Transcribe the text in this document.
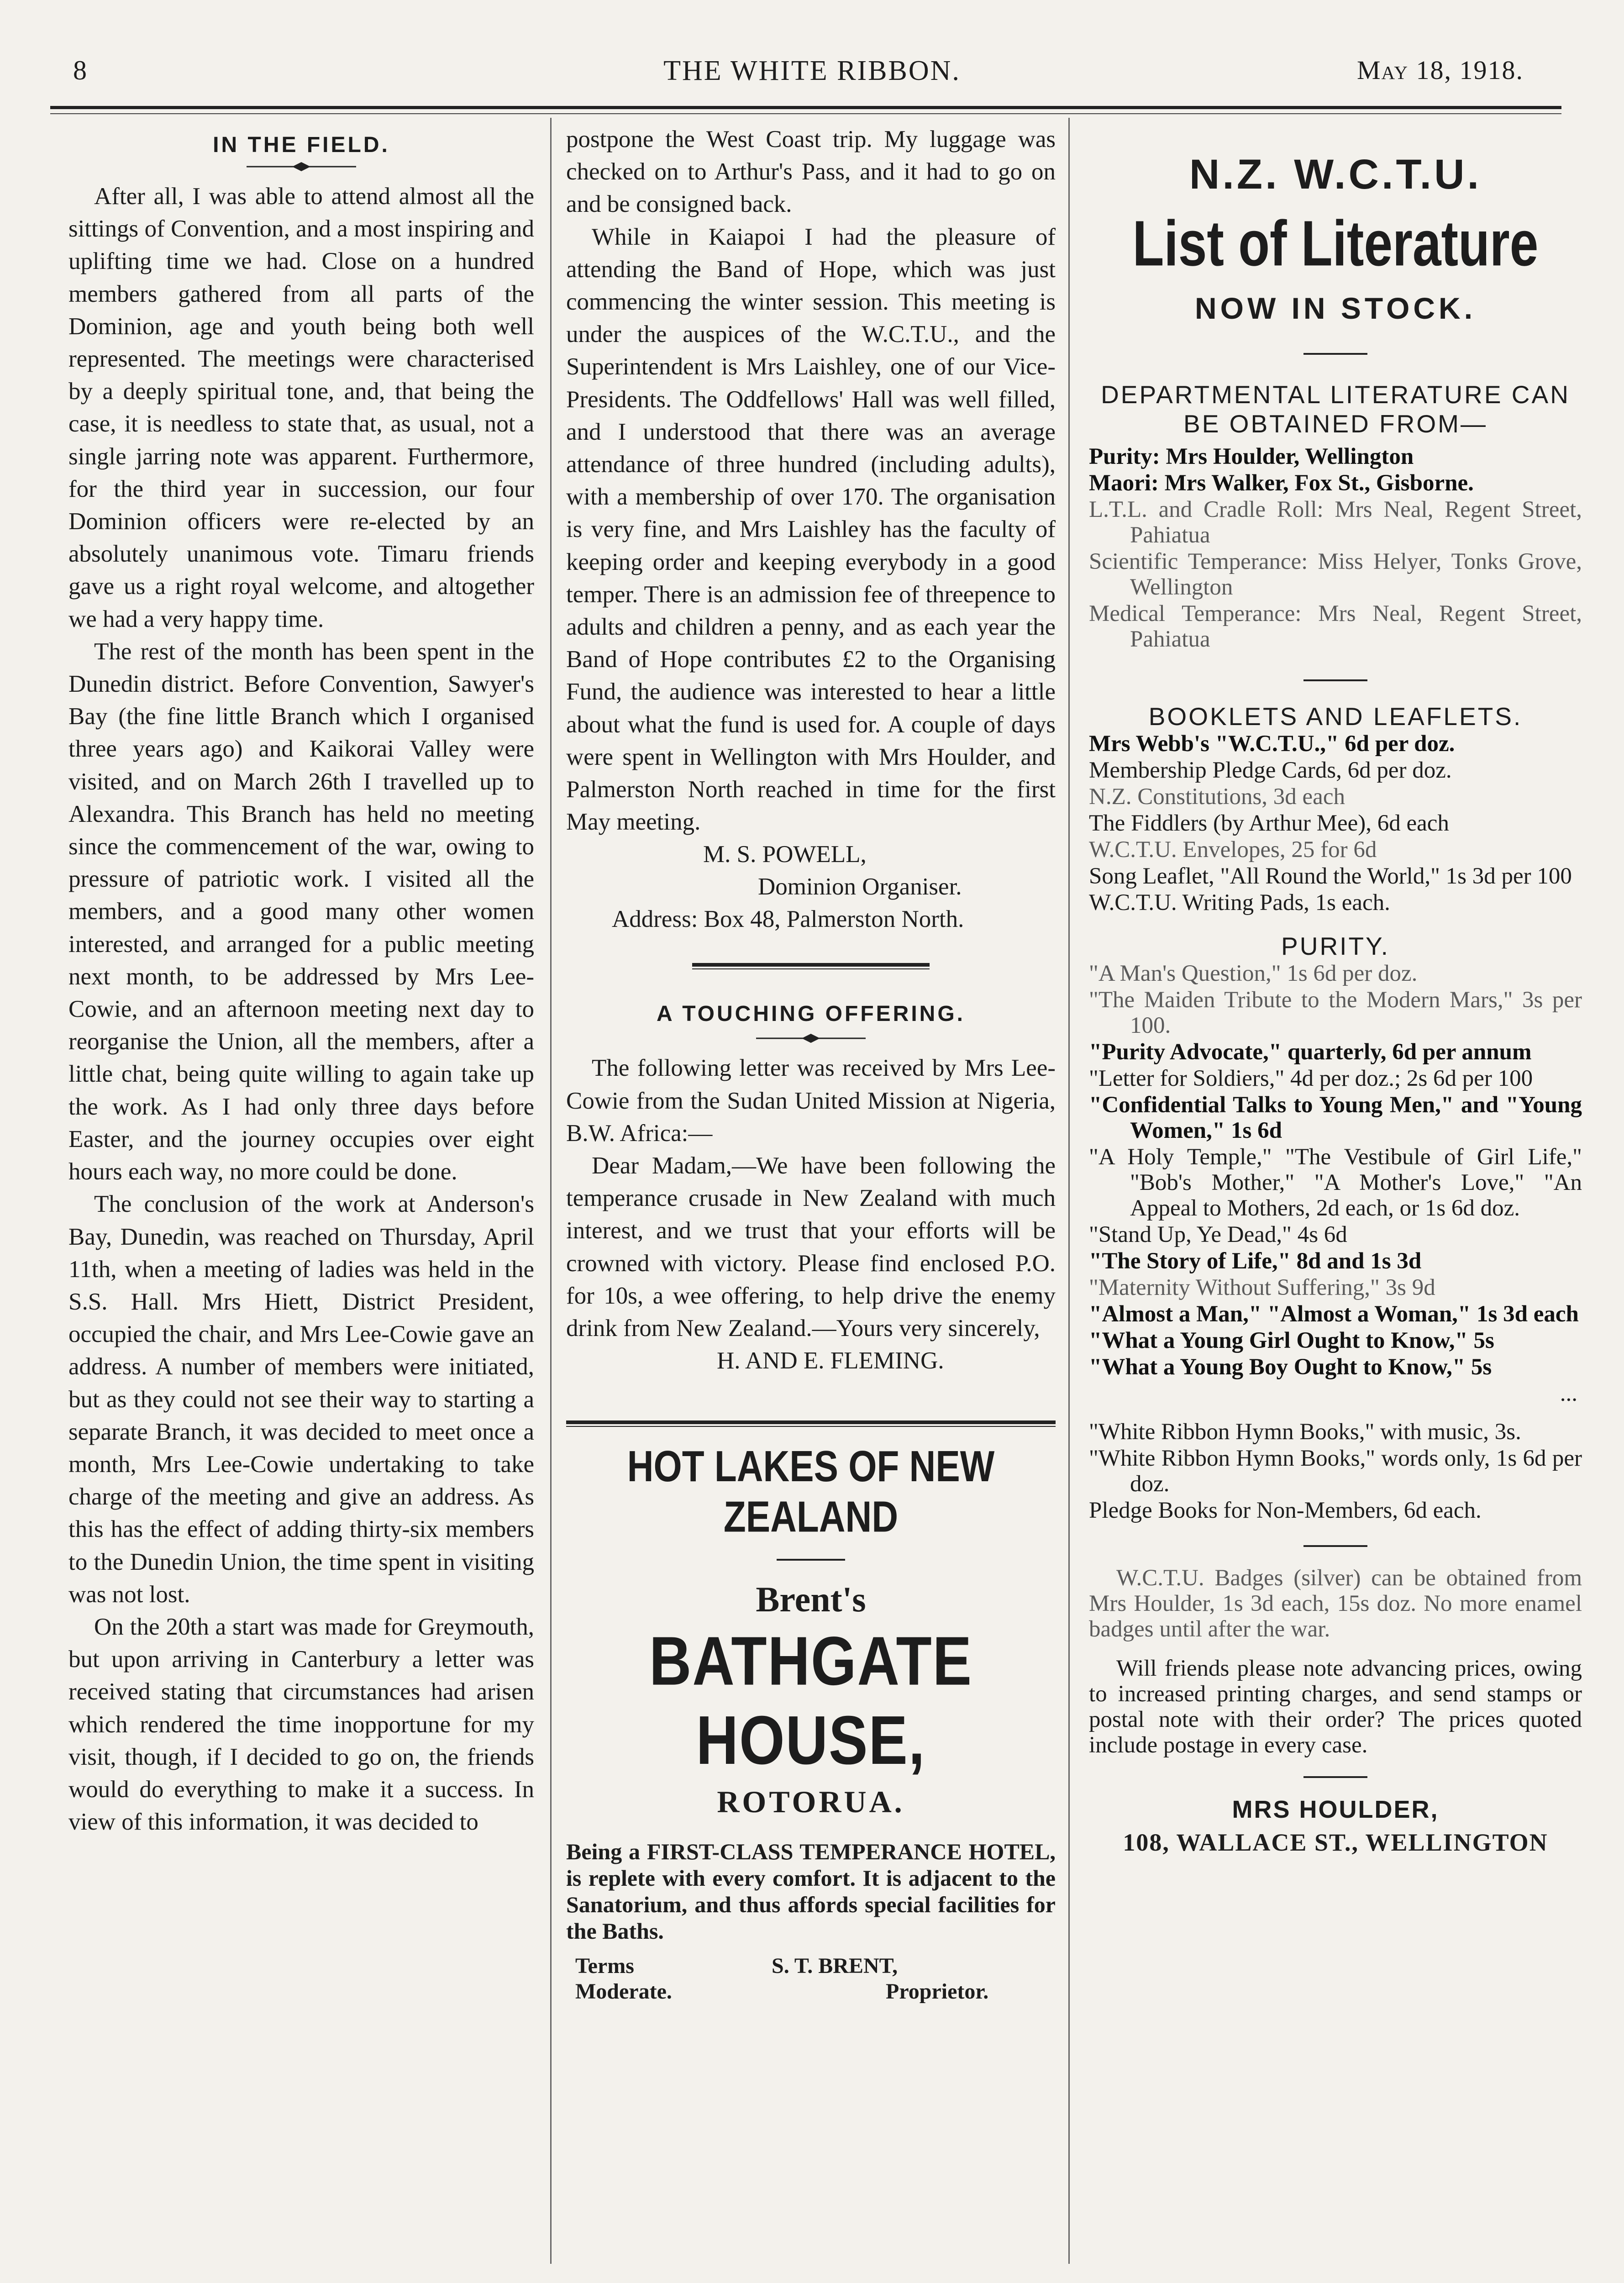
8	THE WHITE RIBBON.	May 18, 1918.
IN THE FIELD.

After all, I was able to attend almost all the sittings of Convention, and a most inspiring and uplifting time we had. Close on a hundred members gathered from all parts of the Dominion, age and youth being both well represented. The meetings were characterised by a deeply spiritual tone, and, that being the case, it is needless to state that, as usual, not a single jarring note was apparent. Furthermore, for the third year in succession, our four Dominion officers were re-elected by an absolutely unanimous vote. Timaru friends gave us a right royal welcome, and altogether we had a very happy time.

The rest of the month has been spent in the Dunedin district. Before Convention, Sawyer's Bay (the fine little Branch which I organised three years ago) and Kaikorai Valley were visited, and on March 26th I travelled up to Alexandra. This Branch has held no meeting since the commencement of the war, owing to pressure of patriotic work. I visited all the members, and a good many other women interested, and arranged for a public meeting next month, to be addressed by Mrs Lee-Cowie, and an afternoon meeting next day to reorganise the Union, all the members, after a little chat, being quite willing to again take up the work. As I had only three days before Easter, and the journey occupies over eight hours each way, no more could be done.

The conclusion of the work at Anderson's Bay, Dunedin, was reached on Thursday, April 11th, when a meeting of ladies was held in the S.S. Hall. Mrs Hiett, District President, occupied the chair, and Mrs Lee-Cowie gave an address. A number of members were initiated, but as they could not see their way to starting a separate Branch, it was decided to meet once a month, Mrs Lee-Cowie undertaking to take charge of the meeting and give an address. As this has the effect of adding thirty-six members to the Dunedin Union, the time spent in visiting was not lost.

On the 20th a start was made for Greymouth, but upon arriving in Canterbury a letter was received stating that circumstances had arisen which rendered the time inopportune for my visit, though, if I decided to go on, the friends would do everything to make it a success. In view of this information, it was decided to

postpone the West Coast trip. My luggage was checked on to Arthur's Pass, and it had to go on and be consigned back.

While in Kaiapoi I had the pleasure of attending the Band of Hope, which was just commencing the winter session. This meeting is under the auspices of the W.C.T.U., and the Superintendent is Mrs Laishley, one of our Vice-Presidents. The Oddfellows' Hall was well filled, and I understood that there was an average attendance of three hundred (including adults), with a membership of over 170. The organisation is very fine, and Mrs Laishley has the faculty of keeping order and keeping everybody in a good temper. There is an admission fee of threepence to adults and children a penny, and as each year the Band of Hope contributes £2 to the Organising Fund, the audience was interested to hear a little about what the fund is used for. A couple of days were spent in Wellington with Mrs Houlder, and Palmerston North reached in time for the first May meeting.

M. S. POWELL,
Dominion Organiser.
Address: Box 48, Palmerston North.
A TOUCHING OFFERING.

The following letter was received by Mrs Lee-Cowie from the Sudan United Mission at Nigeria, B.W. Africa:—

Dear Madam,—We have been following the temperance crusade in New Zealand with much interest, and we trust that your efforts will be crowned with victory. Please find enclosed P.O. for 10s, a wee offering, to help drive the enemy drink from New Zealand.—Yours very sincerely,

H. AND E. FLEMING.
HOT LAKES OF NEW ZEALAND
Brent's
BATHGATE HOUSE,
ROTORUA.
Being a FIRST-CLASS TEMPERANCE HOTEL, is replete with every comfort. It is adjacent to the Sanatorium, and thus affords special facilities for the Baths.
Terms
Moderate.
S. T. BRENT,
Proprietor.
N.Z. W.C.T.U.
List of Literature
NOW IN STOCK.
DEPARTMENTAL LITERATURE CAN BE OBTAINED FROM—

Purity: Mrs Houlder, Wellington

Maori: Mrs Walker, Fox St., Gisborne.

L.T.L. and Cradle Roll: Mrs Neal, Regent Street, Pahiatua

Scientific Temperance: Miss Helyer, Tonks Grove, Wellington

Medical Temperance: Mrs Neal, Regent Street, Pahiatua

BOOKLETS AND LEAFLETS.

Mrs Webb's "W.C.T.U.," 6d per doz.

Membership Pledge Cards, 6d per doz.

N.Z. Constitutions, 3d each

The Fiddlers (by Arthur Mee), 6d each

W.C.T.U. Envelopes, 25 for 6d

Song Leaflet, "All Round the World," 1s 3d per 100

W.C.T.U. Writing Pads, 1s each.

PURITY.

"A Man's Question," 1s 6d per doz.

"The Maiden Tribute to the Modern Mars," 3s per 100.

"Purity Advocate," quarterly, 6d per annum

"Letter for Soldiers," 4d per doz.; 2s 6d per 100

"Confidential Talks to Young Men," and "Young Women," 1s 6d

"A Holy Temple," "The Vestibule of Girl Life," "Bob's Mother," "A Mother's Love," "An Appeal to Mothers, 2d each, or 1s 6d doz.

"Stand Up, Ye Dead," 4s 6d

"The Story of Life," 8d and 1s 3d

"Maternity Without Suffering," 3s 9d

"Almost a Man," "Almost a Woman," 1s 3d each

"What a Young Girl Ought to Know," 5s

"What a Young Boy Ought to Know," 5s

...

"White Ribbon Hymn Books," with music, 3s.

"White Ribbon Hymn Books," words only, 1s 6d per doz.

Pledge Books for Non-Members, 6d each.

W.C.T.U. Badges (silver) can be obtained from Mrs Houlder, 1s 3d each, 15s doz. No more enamel badges until after the war.

Will friends please note advancing prices, owing to increased printing charges, and send stamps or postal note with their order? The prices quoted include postage in every case.

MRS HOULDER,
108, WALLACE ST., WELLINGTON
